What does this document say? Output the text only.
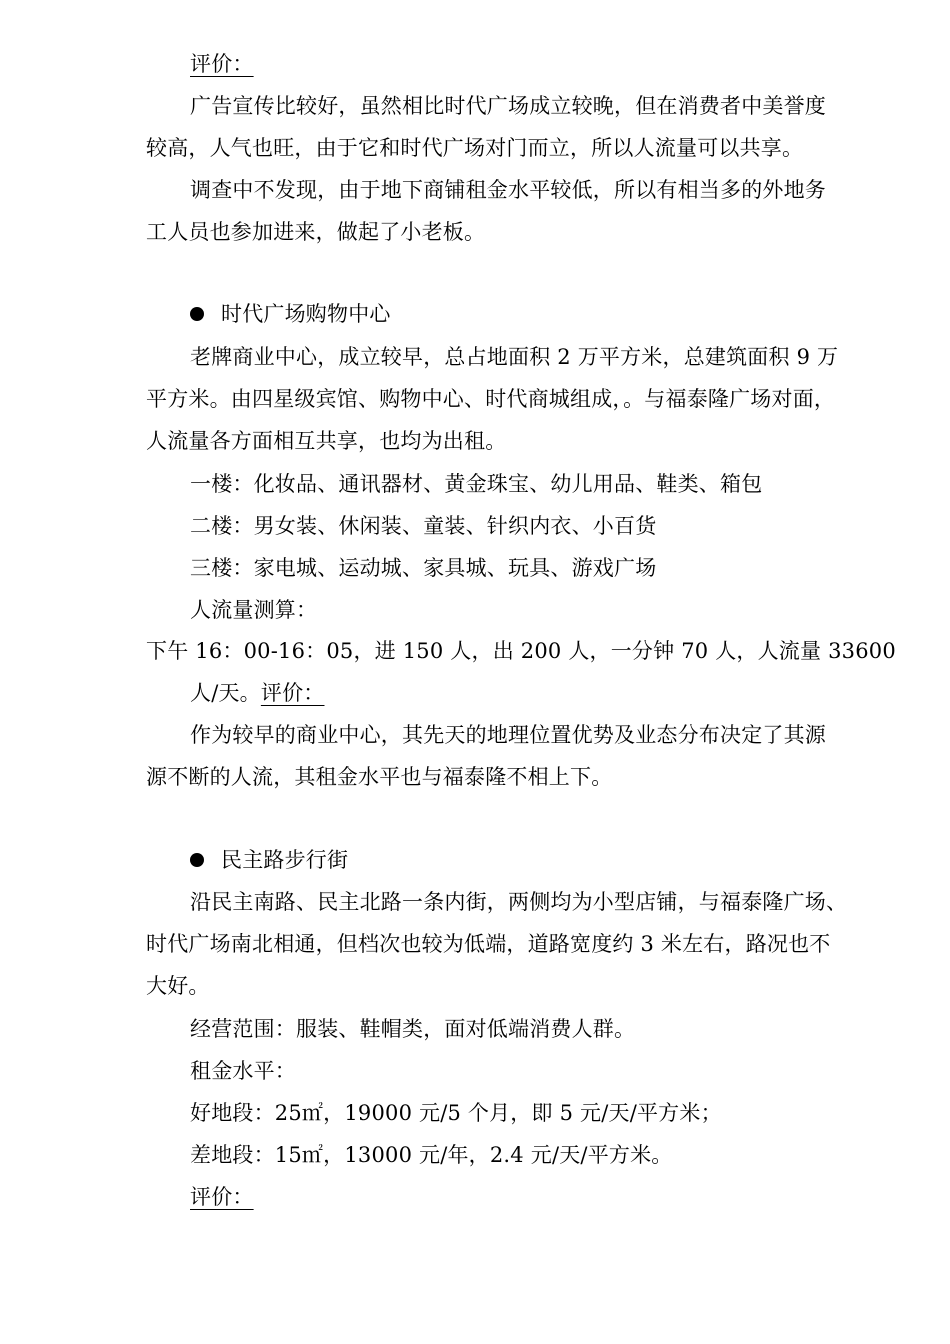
评价：
广告宣传比较好，虽然相比时代广场成立较晚，但在消费者中美誉度
较高，人气也旺，由于它和时代广场对门而立，所以人流量可以共享。
调查中不发现，由于地下商铺租金水平较低，所以有相当多的外地务
工人员也参加进来，做起了小老板。
时代广场购物中心
老牌商业中心，成立较早，总占地面积 2 万平方米，总建筑面积 9 万
平方米。由四星级宾馆、购物中心、时代商城组成，。与福泰隆广场对面，
人流量各方面相互共享，也均为出租。
一楼：化妆品、通讯器材、黄金珠宝、幼儿用品、鞋类、箱包
二楼：男女装、休闲装、童装、针织内衣、小百货
三楼：家电城、运动城、家具城、玩具、游戏广场
人流量测算：
下午 16：00-16：05，进 150 人，出 200 人，一分钟 70 人，人流量 33600
人/天。评价：
作为较早的商业中心，其先天的地理位置优势及业态分布决定了其源
源不断的人流，其租金水平也与福泰隆不相上下。
民主路步行街
沿民主南路、民主北路一条内街，两侧均为小型店铺，与福泰隆广场、
时代广场南北相通，但档次也较为低端，道路宽度约 3 米左右，路况也不
大好。
经营范围：服装、鞋帽类，面对低端消费人群。
租金水平：
好地段：25㎡，19000 元/5 个月，即 5 元/天/平方米；
差地段：15㎡，13000 元/年，2.4 元/天/平方米。
评价：
